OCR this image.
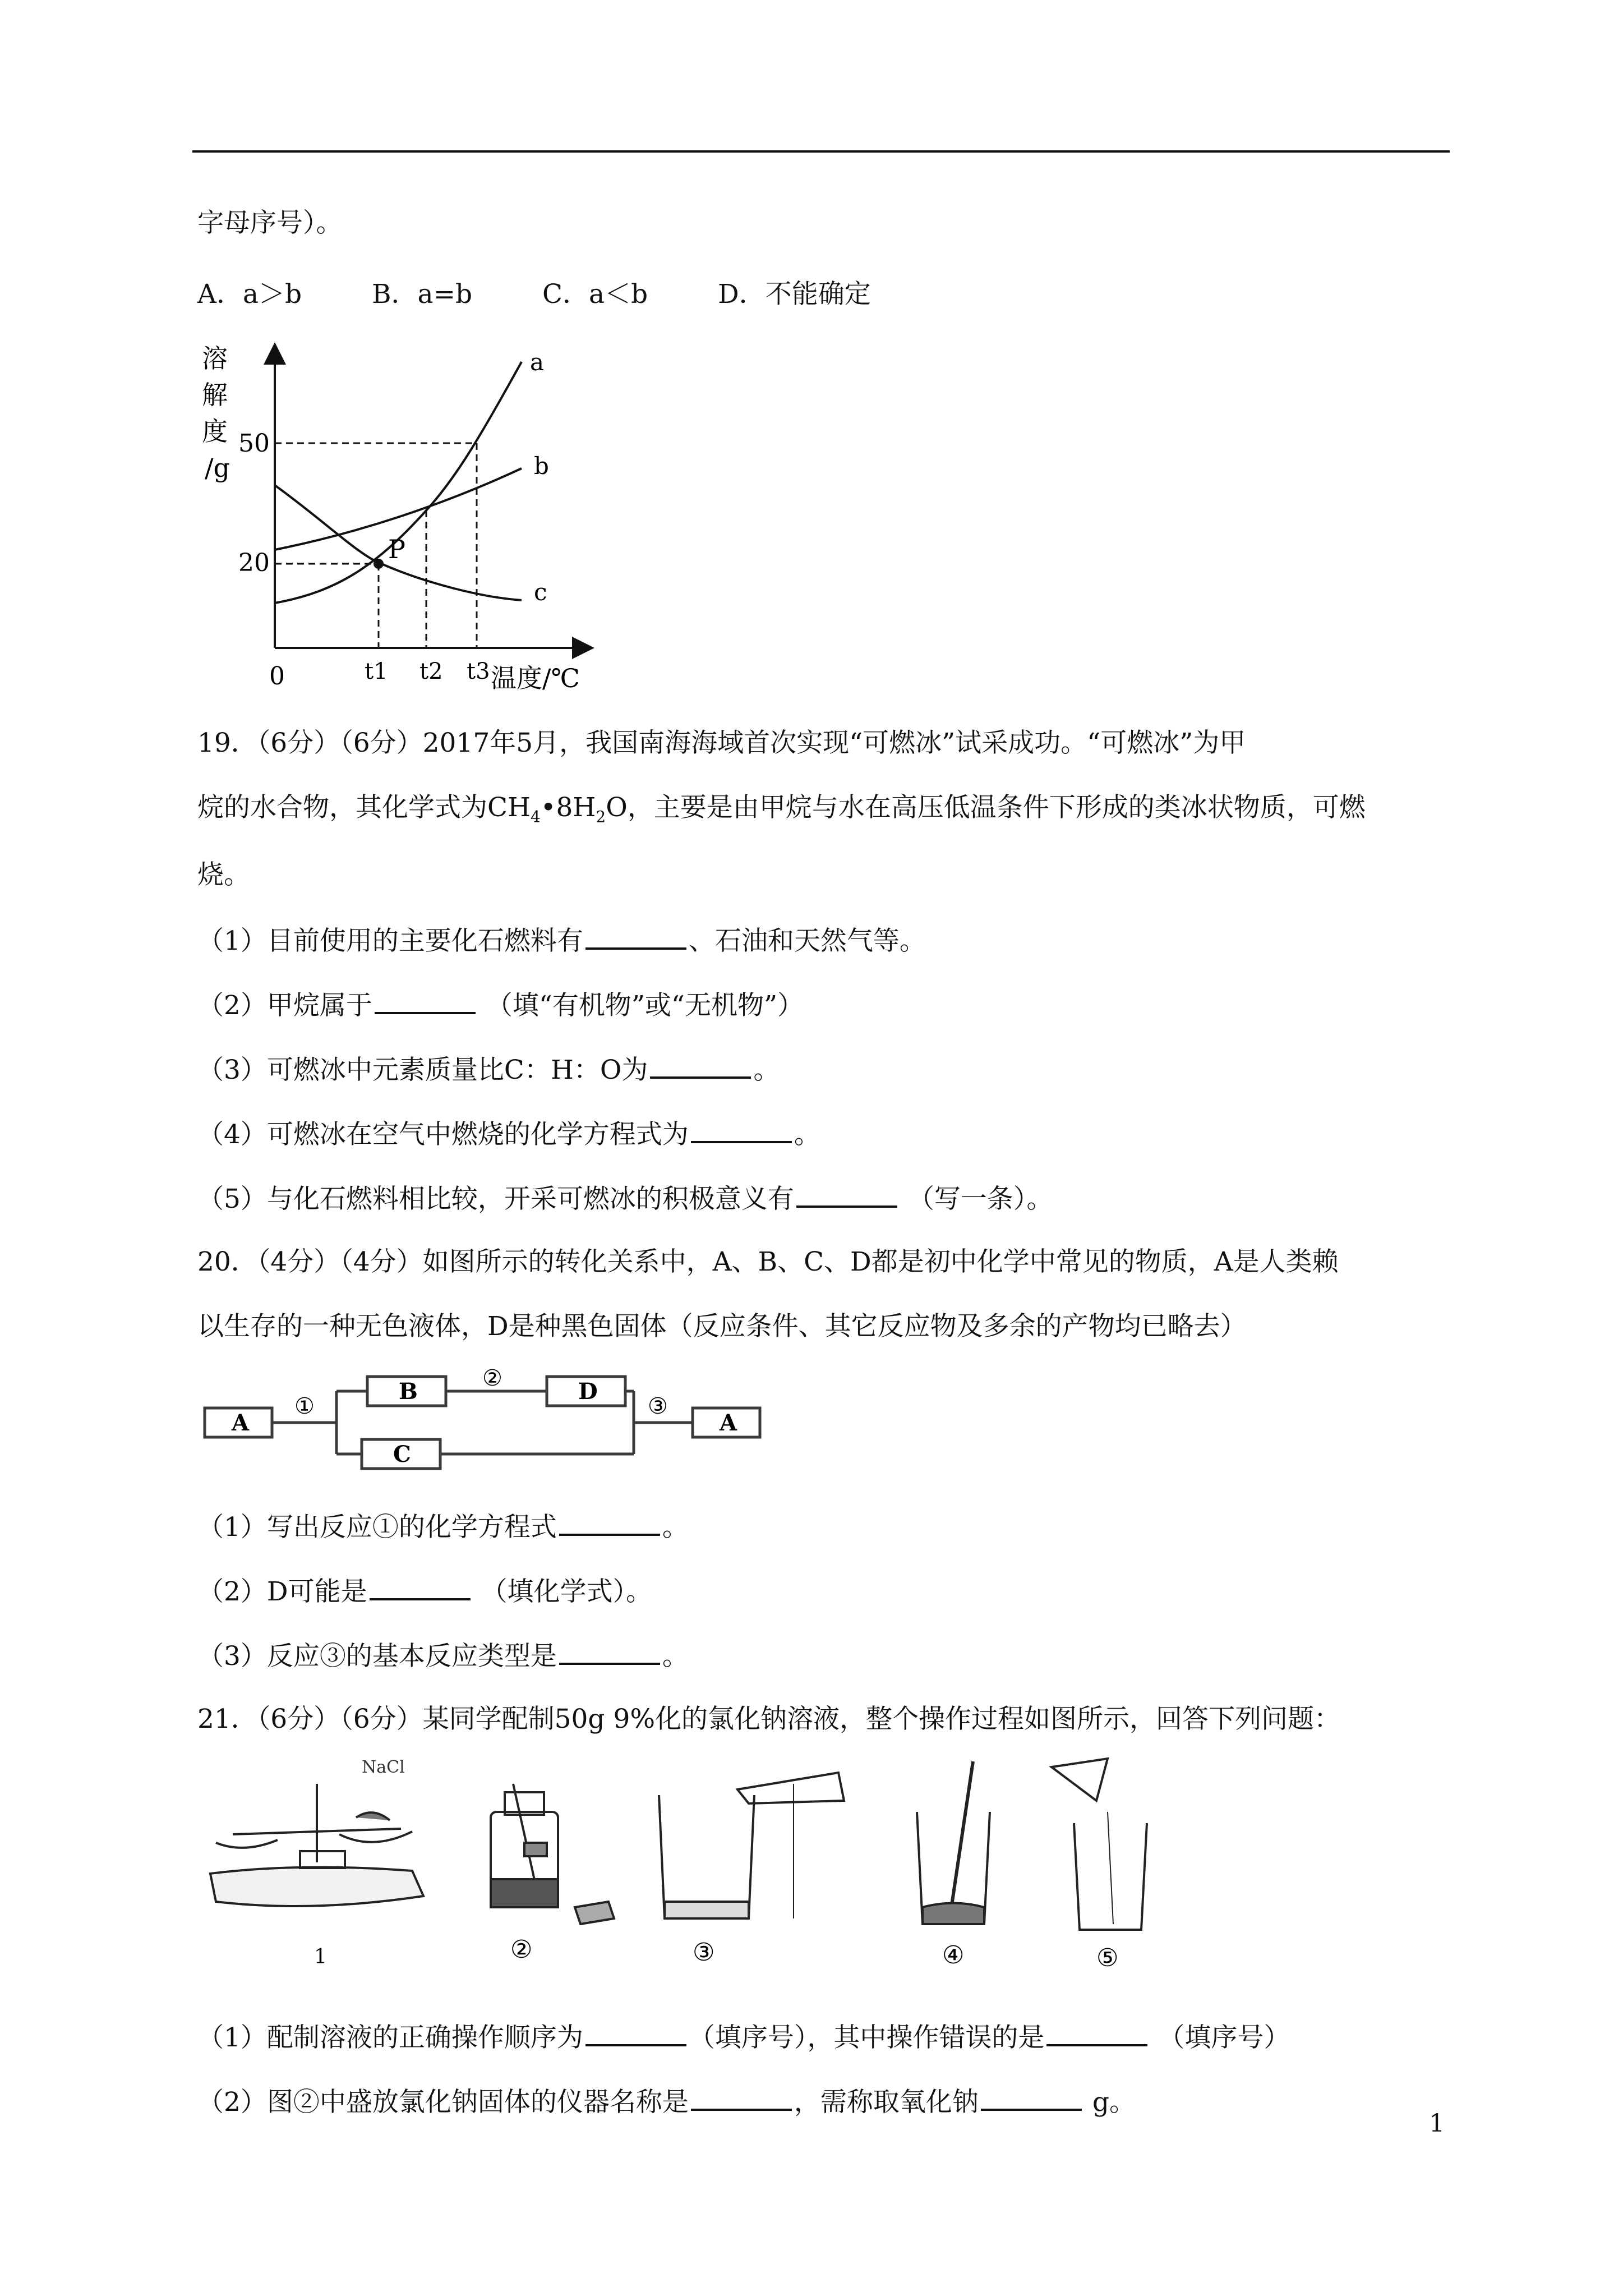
字母序号）。
A．a＞b	B．a=b	C．a＜b	D．不能确定
溶
解
度
/g
50
20
0	t1 t2 t3 温度/℃
P
a
b
c
19．（6分）（6分）2017年5月，我国南海海域首次实现“可燃冰”试采成功。“可燃冰”为甲
烷的水合物，其化学式为$CH_4•8H_2O$，主要是由甲烷与水在高压低温条件下形成的类冰状物质，可燃
烧。
（1）目前使用的主要化石燃料有	、石油和天然气等。
（2）甲烷属于	（填“有机物”或“无机物”）
（3）可燃冰中元素质量比C：H：O为	。
（4）可燃冰在空气中燃烧的化学方程式为	。
（5）与化石燃料相比较，开采可燃冰的积极意义有	（写一条）。
20．（4分）（4分）如图所示的转化关系中，A、B、C、D都是初中化学中常见的物质，A是人类赖
以生存的一种无色液体，D是种黑色固体（反应条件、其它反应物及多余的产物均已略去）
A
B	D
C
A
①
②
③
（1）写出反应①的化学方程式	。
（2）D可能是	（填化学式）。
（3）反应③的基本反应类型是	。
21．（6分）（6分）某同学配制50g 9%化的氯化钠溶液，整个操作过程如图所示，回答下列问题：
NaCl
1	②	③	④	⑤
（1）配制溶液的正确操作顺序为	（填序号），其中操作错误的是	（填序号）
（2）图②中盛放氯化钠固体的仪器名称是	，需称取氧化钠	g。
1
